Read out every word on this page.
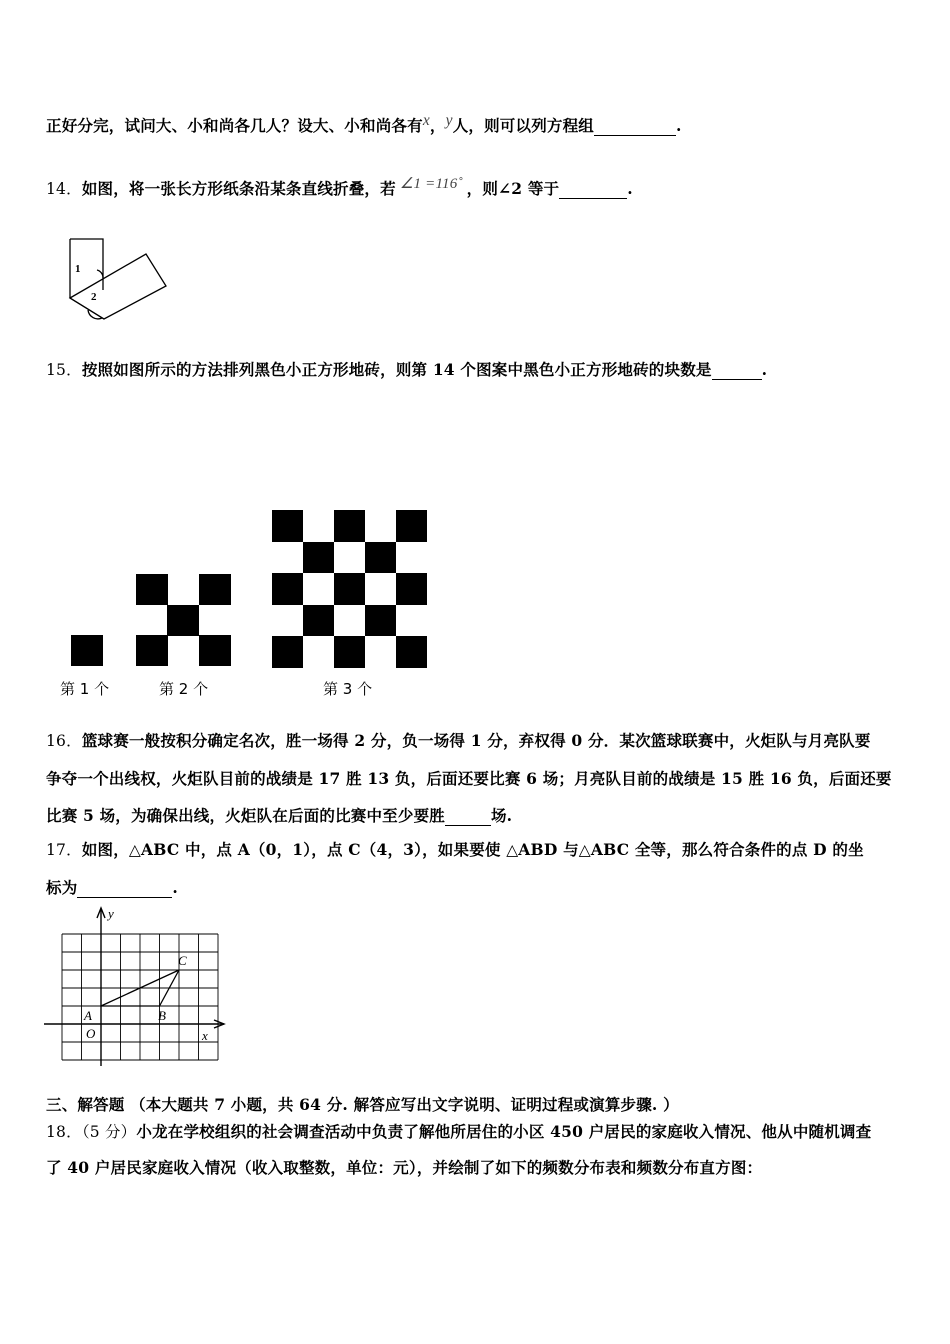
正好分完，试问大、小和尚各几人？设大、小和尚各有x，y人，则可以列方程组	.
14．如图，将一张长方形纸条沿某条直线折叠，若 ∠1 =116˚ ，则∠2 等于	.
1
2
15．按照如图所示的方法排列黑色小正方形地砖，则第 14 个图案中黑色小正方形地砖的块数是	.
第 1 个	第 2 个	第 3 个
16．篮球赛一般按积分确定名次，胜一场得 2 分，负一场得 1 分，弃权得 0 分．某次篮球联赛中，火炬队与月亮队要
争夺一个出线权，火炬队目前的战绩是 17 胜 13 负，后面还要比赛 6 场；月亮队目前的战绩是 15 胜 16 负，后面还要
比赛 5 场，为确保出线，火炬队在后面的比赛中至少要胜	场.
17．如图，△ABC 中，点 A（0，1），点 C（4，3），如果要使 △ABD 与△ABC 全等，那么符合条件的点 D 的坐
标为	.
y
x
C
A	B
O
三、解答题 （本大题共 7 小题，共 64 分. 解答应写出文字说明、证明过程或演算步骤. ）
18．（5 分）小龙在学校组织的社会调查活动中负责了解他所居住的小区 450 户居民的家庭收入情况、他从中随机调查
了 40 户居民家庭收入情况（收入取整数，单位：元），并绘制了如下的频数分布表和频数分布直方图：
